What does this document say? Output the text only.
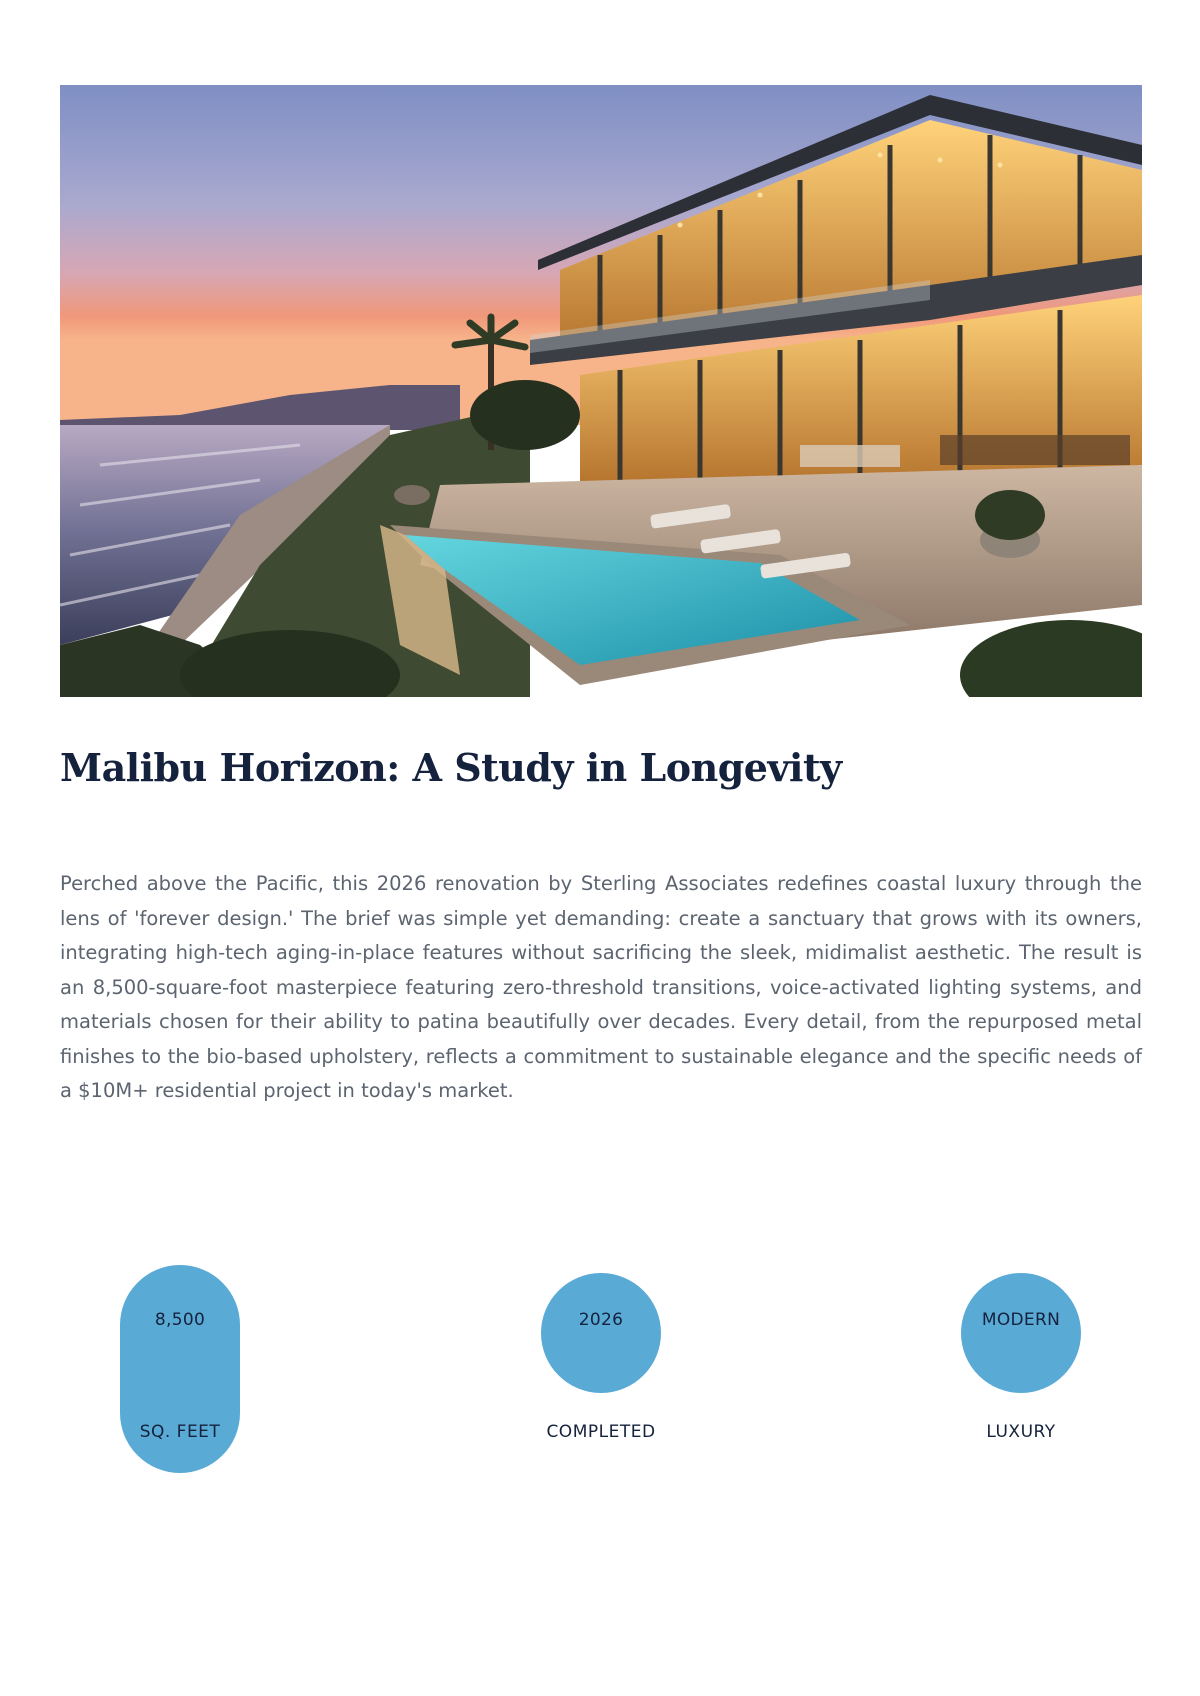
Malibu Horizon: A Study in Longevity

Perched above the Pacific, this 2026 renovation by Sterling Associates redefines coastal luxury through the lens of 'forever design.' The brief was simple yet demanding: create a sanctuary that grows with its owners, integrating high-tech aging-in-place features without sacrificing the sleek, midimalist aesthetic. The result is an 8,500-square-foot masterpiece featuring zero-threshold transitions, voice-activated lighting systems, and materials chosen for their ability to patina beautifully over decades. Every detail, from the repurposed metal finishes to the bio-based upholstery, reflects a commitment to sustainable elegance and the specific needs of a $10M+ residential project in today's market.

8,500
SQ. FEET
2026
COMPLETED
MODERN
LUXURY
